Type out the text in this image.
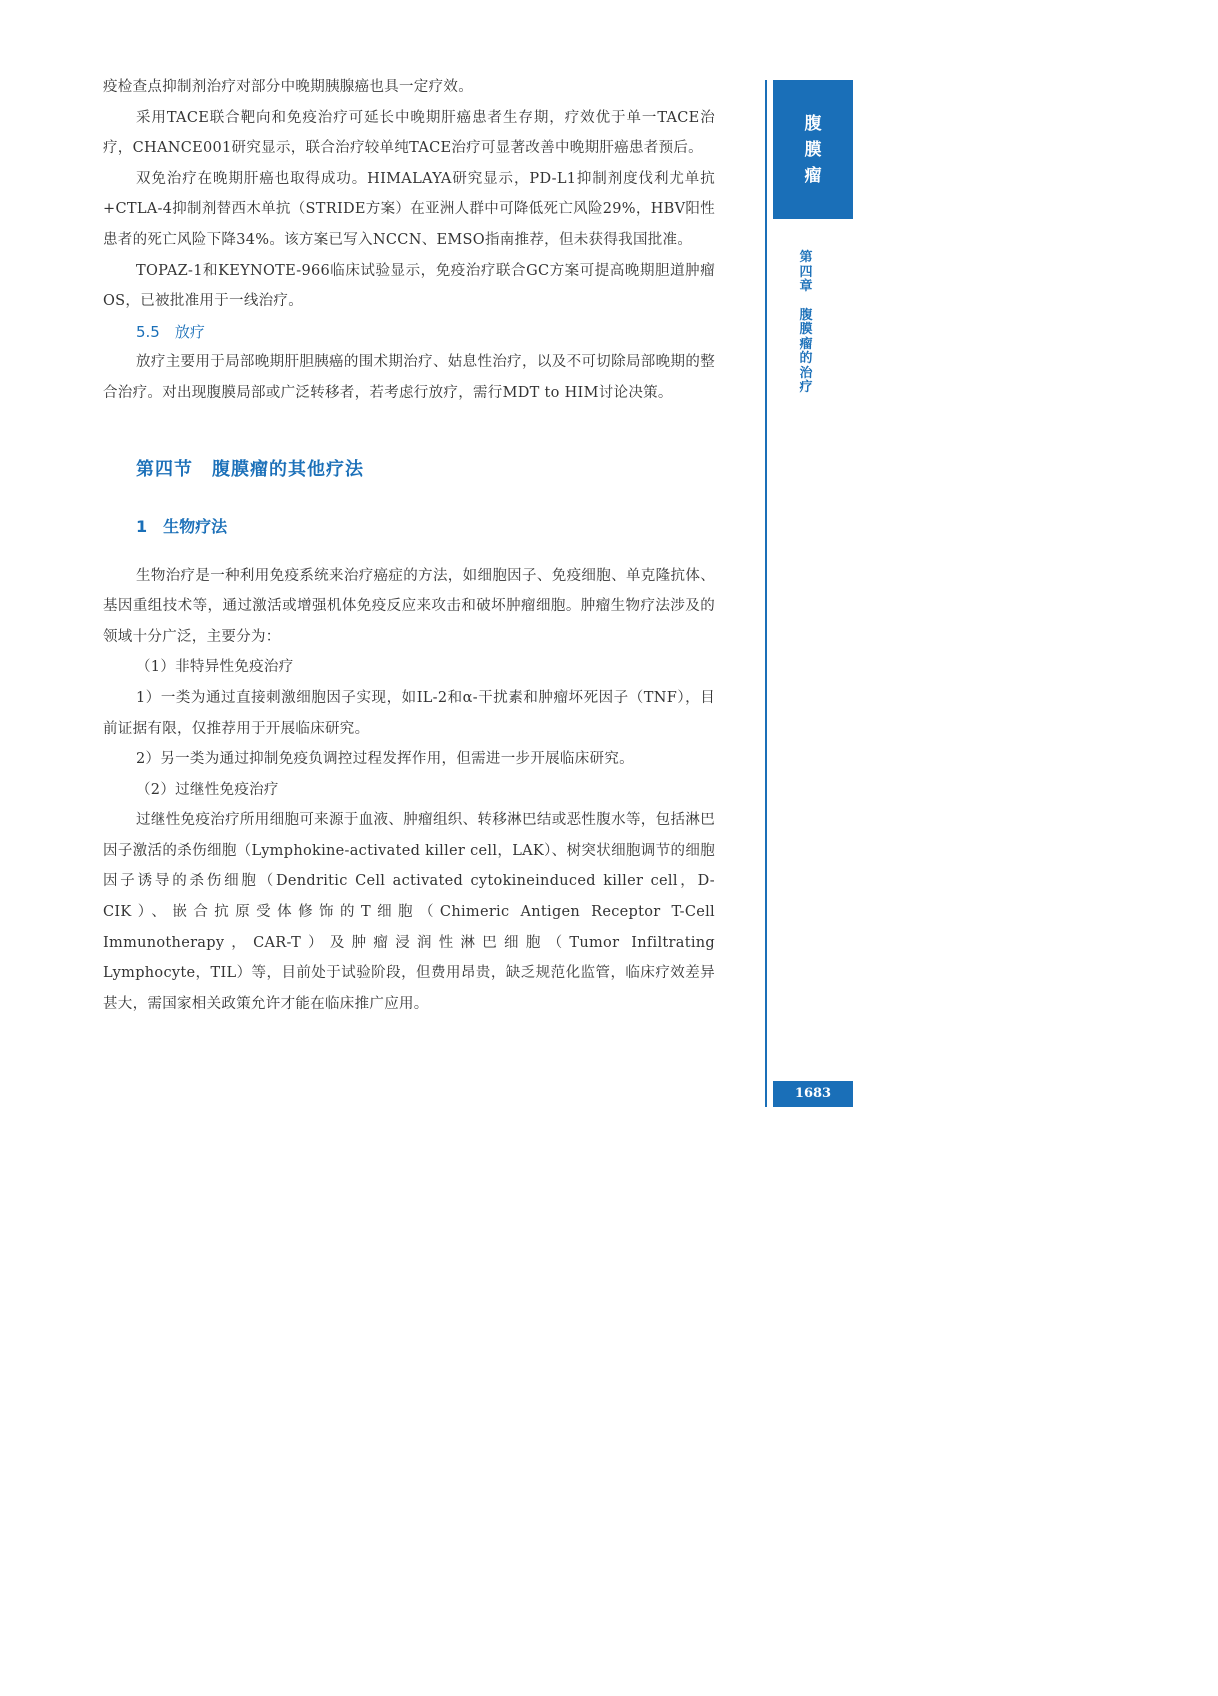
疫检查点抑制剂治疗对部分中晚期胰腺癌也具一定疗效。

采用TACE联合靶向和免疫治疗可延长中晚期肝癌患者生存期，疗效优于单一TACE治疗，CHANCE001研究显示，联合治疗较单纯TACE治疗可显著改善中晚期肝癌患者预后。

双免治疗在晚期肝癌也取得成功。HIMALAYA研究显示，PD-L1抑制剂度伐利尤单抗+CTLA-4抑制剂替西木单抗（STRIDE方案）在亚洲人群中可降低死亡风险29%，HBV阳性患者的死亡风险下降34%。该方案已写入NCCN、EMSO指南推荐，但未获得我国批准。

TOPAZ-1和KEYNOTE-966临床试验显示，免疫治疗联合GC方案可提高晚期胆道肿瘤OS，已被批准用于一线治疗。

5.5　放疗

放疗主要用于局部晚期肝胆胰癌的围术期治疗、姑息性治疗，以及不可切除局部晚期的整合治疗。对出现腹膜局部或广泛转移者，若考虑行放疗，需行MDT to HIM讨论决策。

第四节　腹膜瘤的其他疗法
1　生物疗法

生物治疗是一种利用免疫系统来治疗癌症的方法，如细胞因子、免疫细胞、单克隆抗体、基因重组技术等，通过激活或增强机体免疫反应来攻击和破坏肿瘤细胞。肿瘤生物疗法涉及的领域十分广泛，主要分为：

（1）非特异性免疫治疗

1）一类为通过直接刺激细胞因子实现，如IL-2和α-干扰素和肿瘤坏死因子（TNF），目前证据有限，仅推荐用于开展临床研究。

2）另一类为通过抑制免疫负调控过程发挥作用，但需进一步开展临床研究。

（2）过继性免疫治疗

过继性免疫治疗所用细胞可来源于血液、肿瘤组织、转移淋巴结或恶性腹水等，包括淋巴因子激活的杀伤细胞（Lymphokine-activated killer cell，LAK）、树突状细胞调节的细胞因子诱导的杀伤细胞（Dendritic Cell activated cytokineinduced killer cell，D-CIK）、嵌合抗原受体修饰的T细胞（Chimeric Antigen Receptor T-Cell Immunotherapy，CAR-T）及肿瘤浸润性淋巴细胞（Tumor Infiltrating Lymphocyte，TIL）等，目前处于试验阶段，但费用昂贵，缺乏规范化监管，临床疗效差异甚大，需国家相关政策允许才能在临床推广应用。

腹膜瘤
第四章
腹膜瘤的治疗
1683
